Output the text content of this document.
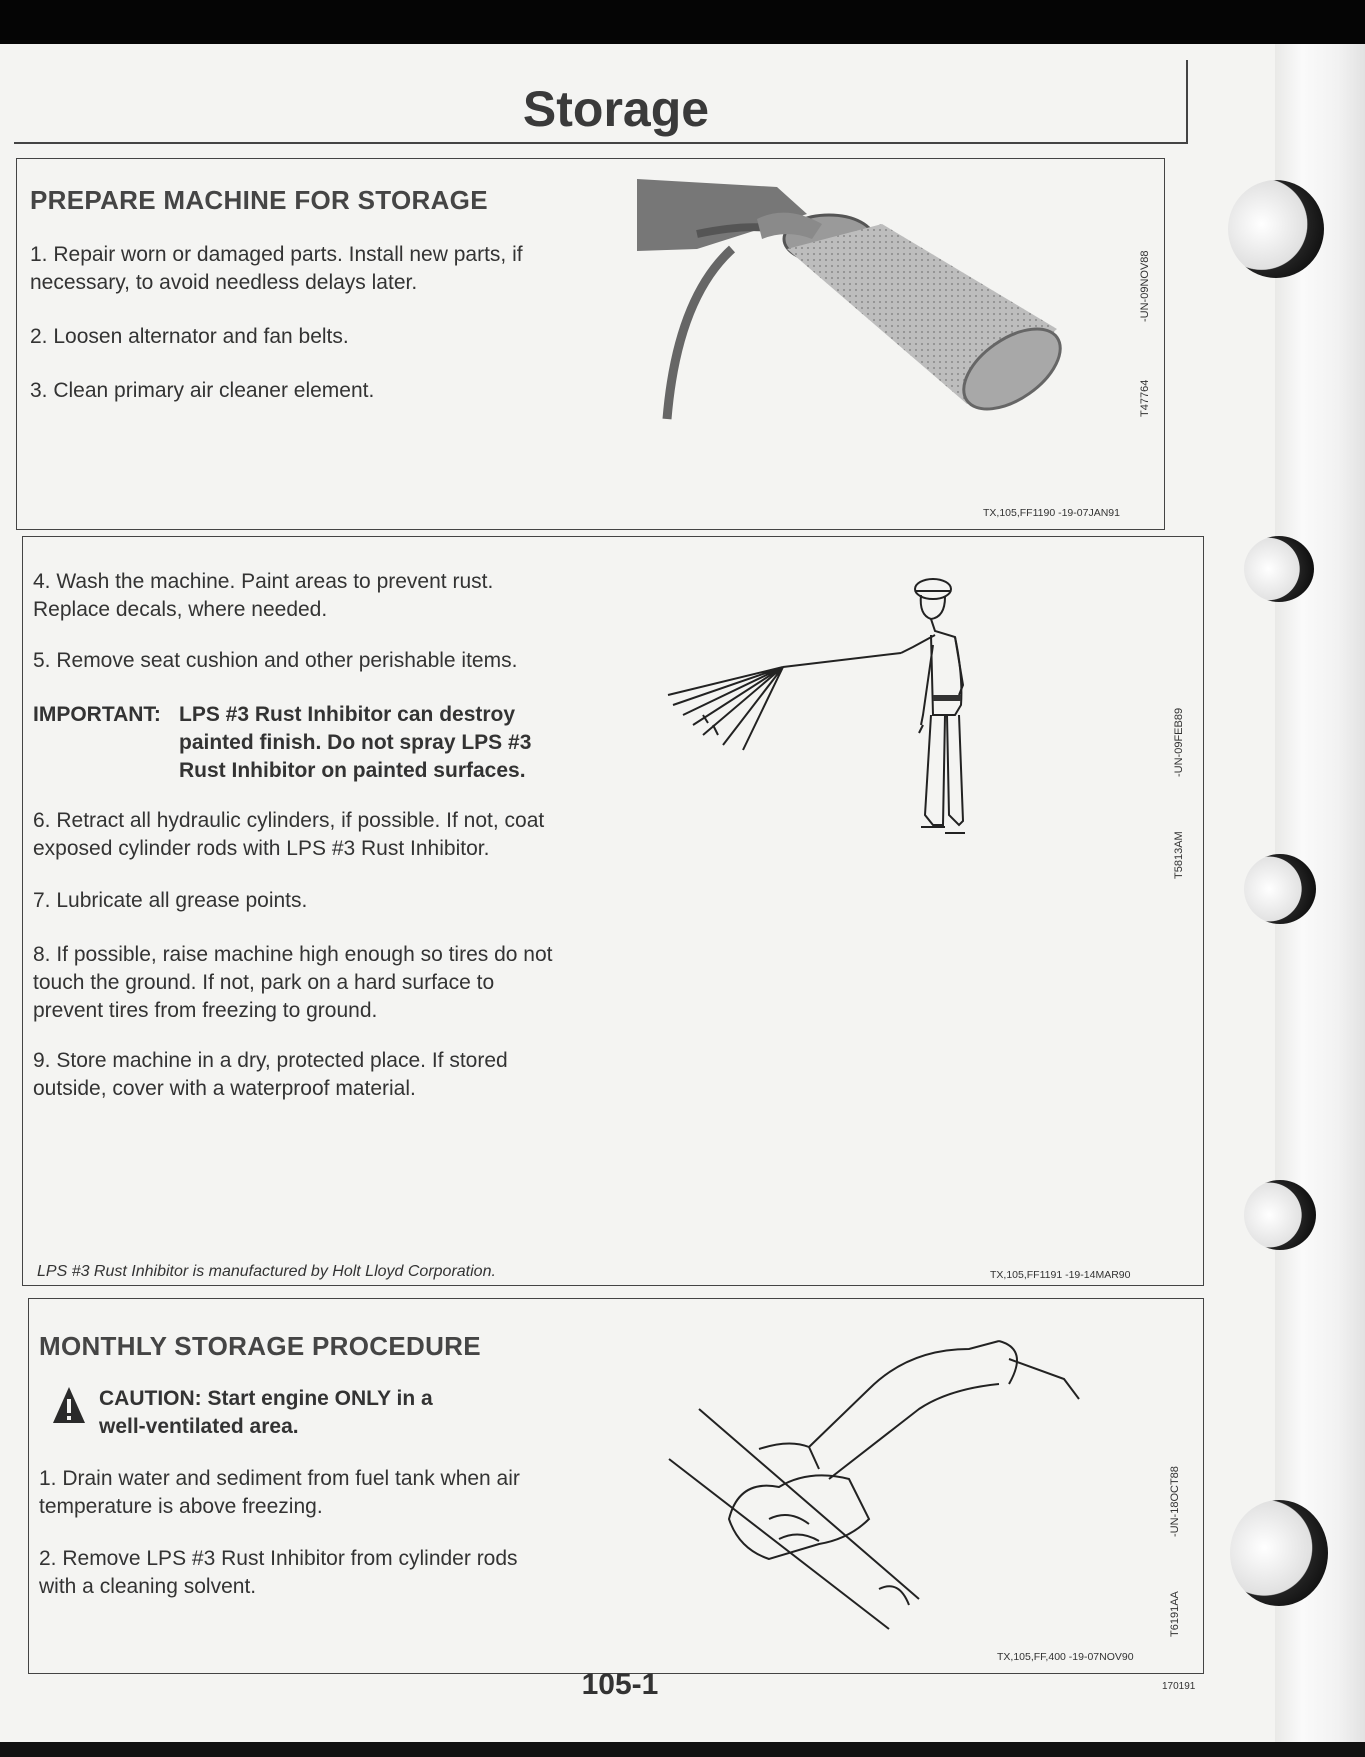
Storage
PREPARE MACHINE FOR STORAGE
1. Repair worn or damaged parts. Install new parts, if
necessary, to avoid needless delays later.
2. Loosen alternator and fan belts.
3. Clean primary air cleaner element.	T47764
-UN-09NOV88
TX,105,FF1190 -19-07JAN91
4. Wash the machine. Paint areas to prevent rust.
Replace decals, where needed.
5. Remove seat cushion and other perishable items.
IMPORTANT: LPS #3 Rust Inhibitor can destroy
painted finish. Do not spray LPS #3
Rust Inhibitor on painted surfaces.
6. Retract all hydraulic cylinders, if possible. If not, coat
exposed cylinder rods with LPS #3 Rust Inhibitor.
7. Lubricate all grease points.
8. If possible, raise machine high enough so tires do not
touch the ground. If not, park on a hard surface to
prevent tires from freezing to ground.
9. Store machine in a dry, protected place. If stored
outside, cover with a waterproof material.
LPS #3 Rust Inhibitor is manufactured by Holt Lloyd Corporation.
T5813AM
-UN-09FEB89
TX,105,FF1191 -19-14MAR90
MONTHLY STORAGE PROCEDURE
CAUTION: Start engine ONLY in a
well-ventilated area.
1. Drain water and sediment from fuel tank when air
temperature is above freezing.
2. Remove LPS #3 Rust Inhibitor from cylinder rods
with a cleaning solvent.
T6191AA
-UN-18OCT88
TX,105,FF,400 -19-07NOV90
105-1	170191
